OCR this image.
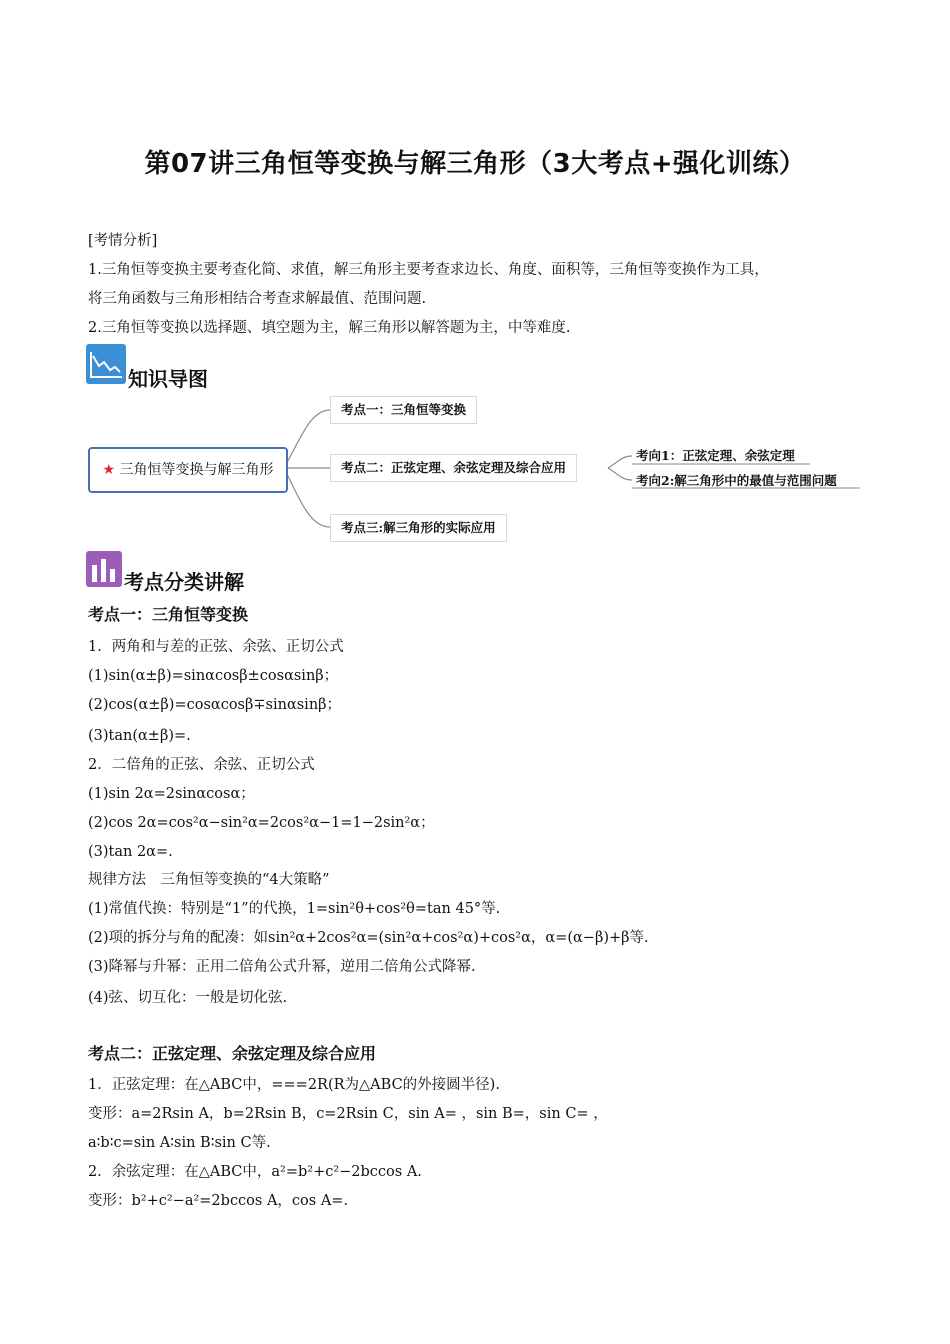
第07讲三角恒等变换与解三角形（3大考点+强化训练）
[考情分析]
1.三角恒等变换主要考查化简、求值，解三角形主要考查求边长、角度、面积等，三角恒等变换作为工具，
将三角函数与三角形相结合考查求解最值、范围问题.
2.三角恒等变换以选择题、填空题为主，解三角形以解答题为主，中等难度.
知识导图
★ 三角恒等变换与解三角形
考点一：三角恒等变换
考点二：正弦定理、余弦定理及综合应用
考点三:解三角形的实际应用
考向1：正弦定理、余弦定理
考向2:解三角形中的最值与范围问题
考点分类讲解
考点一：三角恒等变换
1．两角和与差的正弦、余弦、正切公式
(1)sin(α±β)=sinαcosβ±cosαsinβ；
(2)cos(α±β)=cosαcosβ∓sinαsinβ；
(3)tan(α±β)=.
2．二倍角的正弦、余弦、正切公式
(1)sin 2α=2sinαcosα；
(2)cos 2α=cos²α−sin²α=2cos²α−1=1−2sin²α；
(3)tan 2α=.
规律方法　三角恒等变换的“4大策略”
(1)常值代换：特别是“1”的代换，1=sin²θ+cos²θ=tan 45°等.
(2)项的拆分与角的配凑：如sin²α+2cos²α=(sin²α+cos²α)+cos²α，α=(α−β)+β等.
(3)降幂与升幂：正用二倍角公式升幂，逆用二倍角公式降幂.
(4)弦、切互化：一般是切化弦.
考点二：正弦定理、余弦定理及综合应用
1．正弦定理：在△ABC中，===2R(R为△ABC的外接圆半径).
变形：a=2Rsin A，b=2Rsin B，c=2Rsin C，sin A= ，sin B=，sin C= ，
a∶b∶c=sin A∶sin B∶sin C等.
2．余弦定理：在△ABC中，a²=b²+c²−2bccos A.
变形：b²+c²−a²=2bccos A，cos A=.
